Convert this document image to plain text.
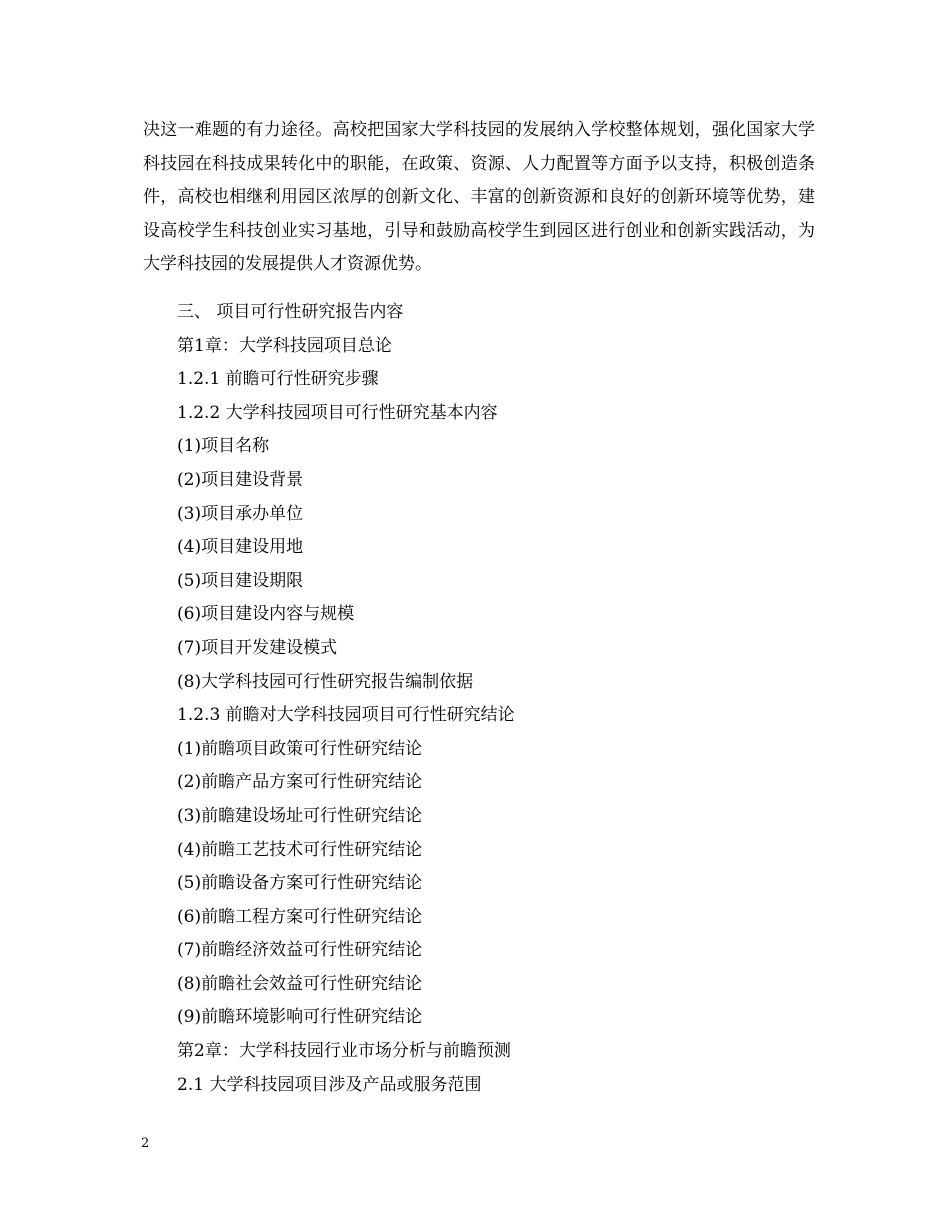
决这一难题的有力途径。高校把国家大学科技园的发展纳入学校整体规划，强化国家大学科技园在科技成果转化中的职能，在政策、资源、人力配置等方面予以支持，积极创造条件，高校也相继利用园区浓厚的创新文化、丰富的创新资源和良好的创新环境等优势，建设高校学生科技创业实习基地，引导和鼓励高校学生到园区进行创业和创新实践活动，为大学科技园的发展提供人才资源优势。

三、 项目可行性研究报告内容
第1章：大学科技园项目总论
1.2.1 前瞻可行性研究步骤
1.2.2 大学科技园项目可行性研究基本内容
(1)项目名称
(2)项目建设背景
(3)项目承办单位
(4)项目建设用地
(5)项目建设期限
(6)项目建设内容与规模
(7)项目开发建设模式
(8)大学科技园可行性研究报告编制依据
1.2.3 前瞻对大学科技园项目可行性研究结论
(1)前瞻项目政策可行性研究结论
(2)前瞻产品方案可行性研究结论
(3)前瞻建设场址可行性研究结论
(4)前瞻工艺技术可行性研究结论
(5)前瞻设备方案可行性研究结论
(6)前瞻工程方案可行性研究结论
(7)前瞻经济效益可行性研究结论
(8)前瞻社会效益可行性研究结论
(9)前瞻环境影响可行性研究结论
第2章：大学科技园行业市场分析与前瞻预测
2.1 大学科技园项目涉及产品或服务范围
2
